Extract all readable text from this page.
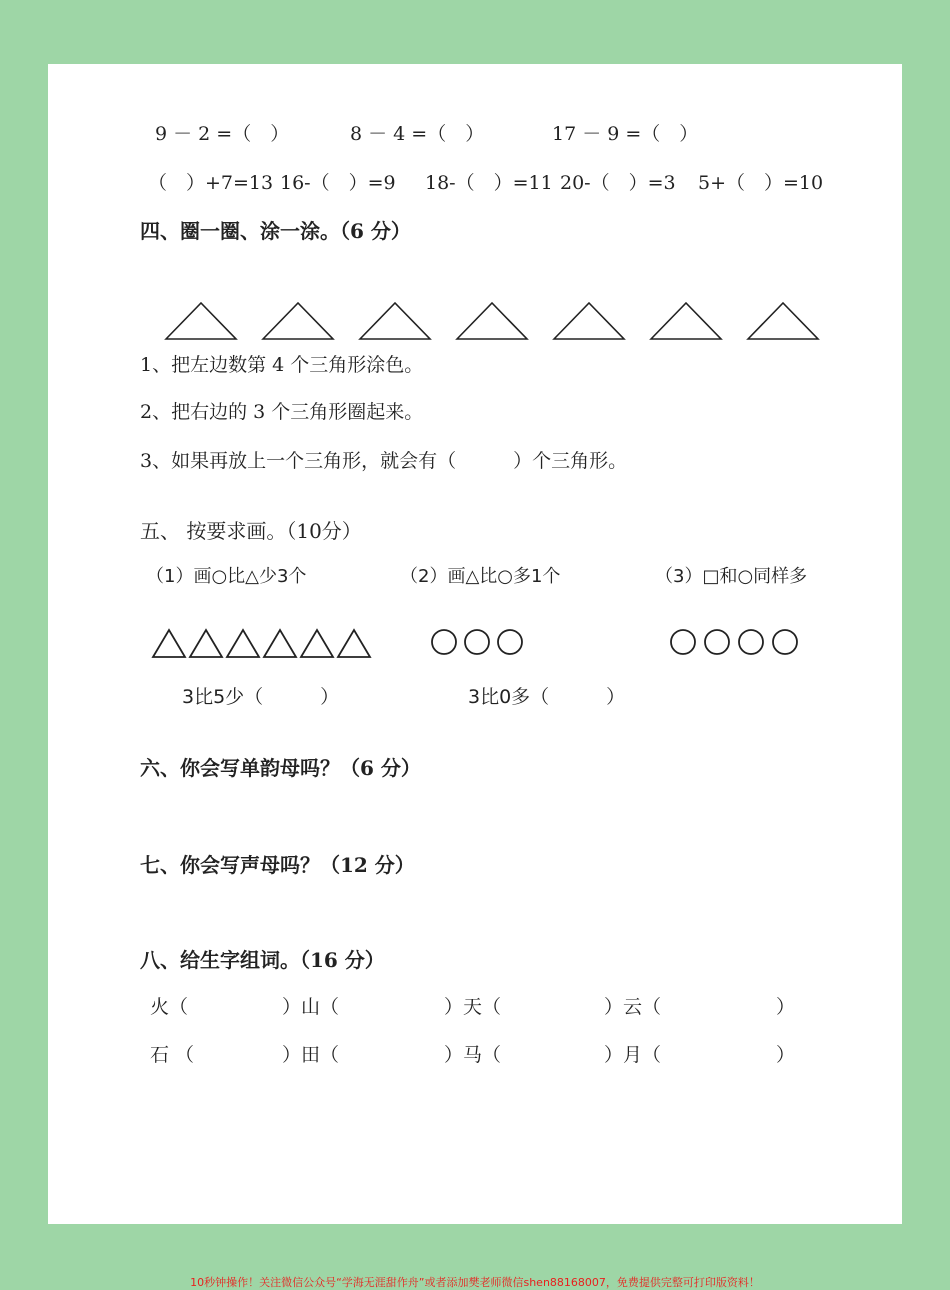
9 － 2 =（　）	8 － 4 =（　）	17 － 9 =（　）
（　）+7=13 16-（　）=9 18-（　）=11 20-（　）=3 5+（　）=10
四、圈一圈、涂一涂。（6 分）
1、把左边数第 4 个三角形涂色。
2、把右边的 3 个三角形圈起来。
3、如果再放上一个三角形，就会有（　　　）个三角形。
五、 按要求画。（10分）
（1）画○比△少3个	（2）画△比○多1个	（3）□和○同样多
3比5少（　　　）	3比0多（　　　）
六、你会写单韵母吗？（6 分）
七、你会写声母吗？（12 分）
八、给生字组词。（16 分）
火（	）山（	）天（	）云（	）
石 （	）田（	）马（	）月（	）
10秒钟操作！关注微信公众号“学海无涯甜作舟”或者添加樊老师微信shen88168007，免费提供完整可打印版资料！
